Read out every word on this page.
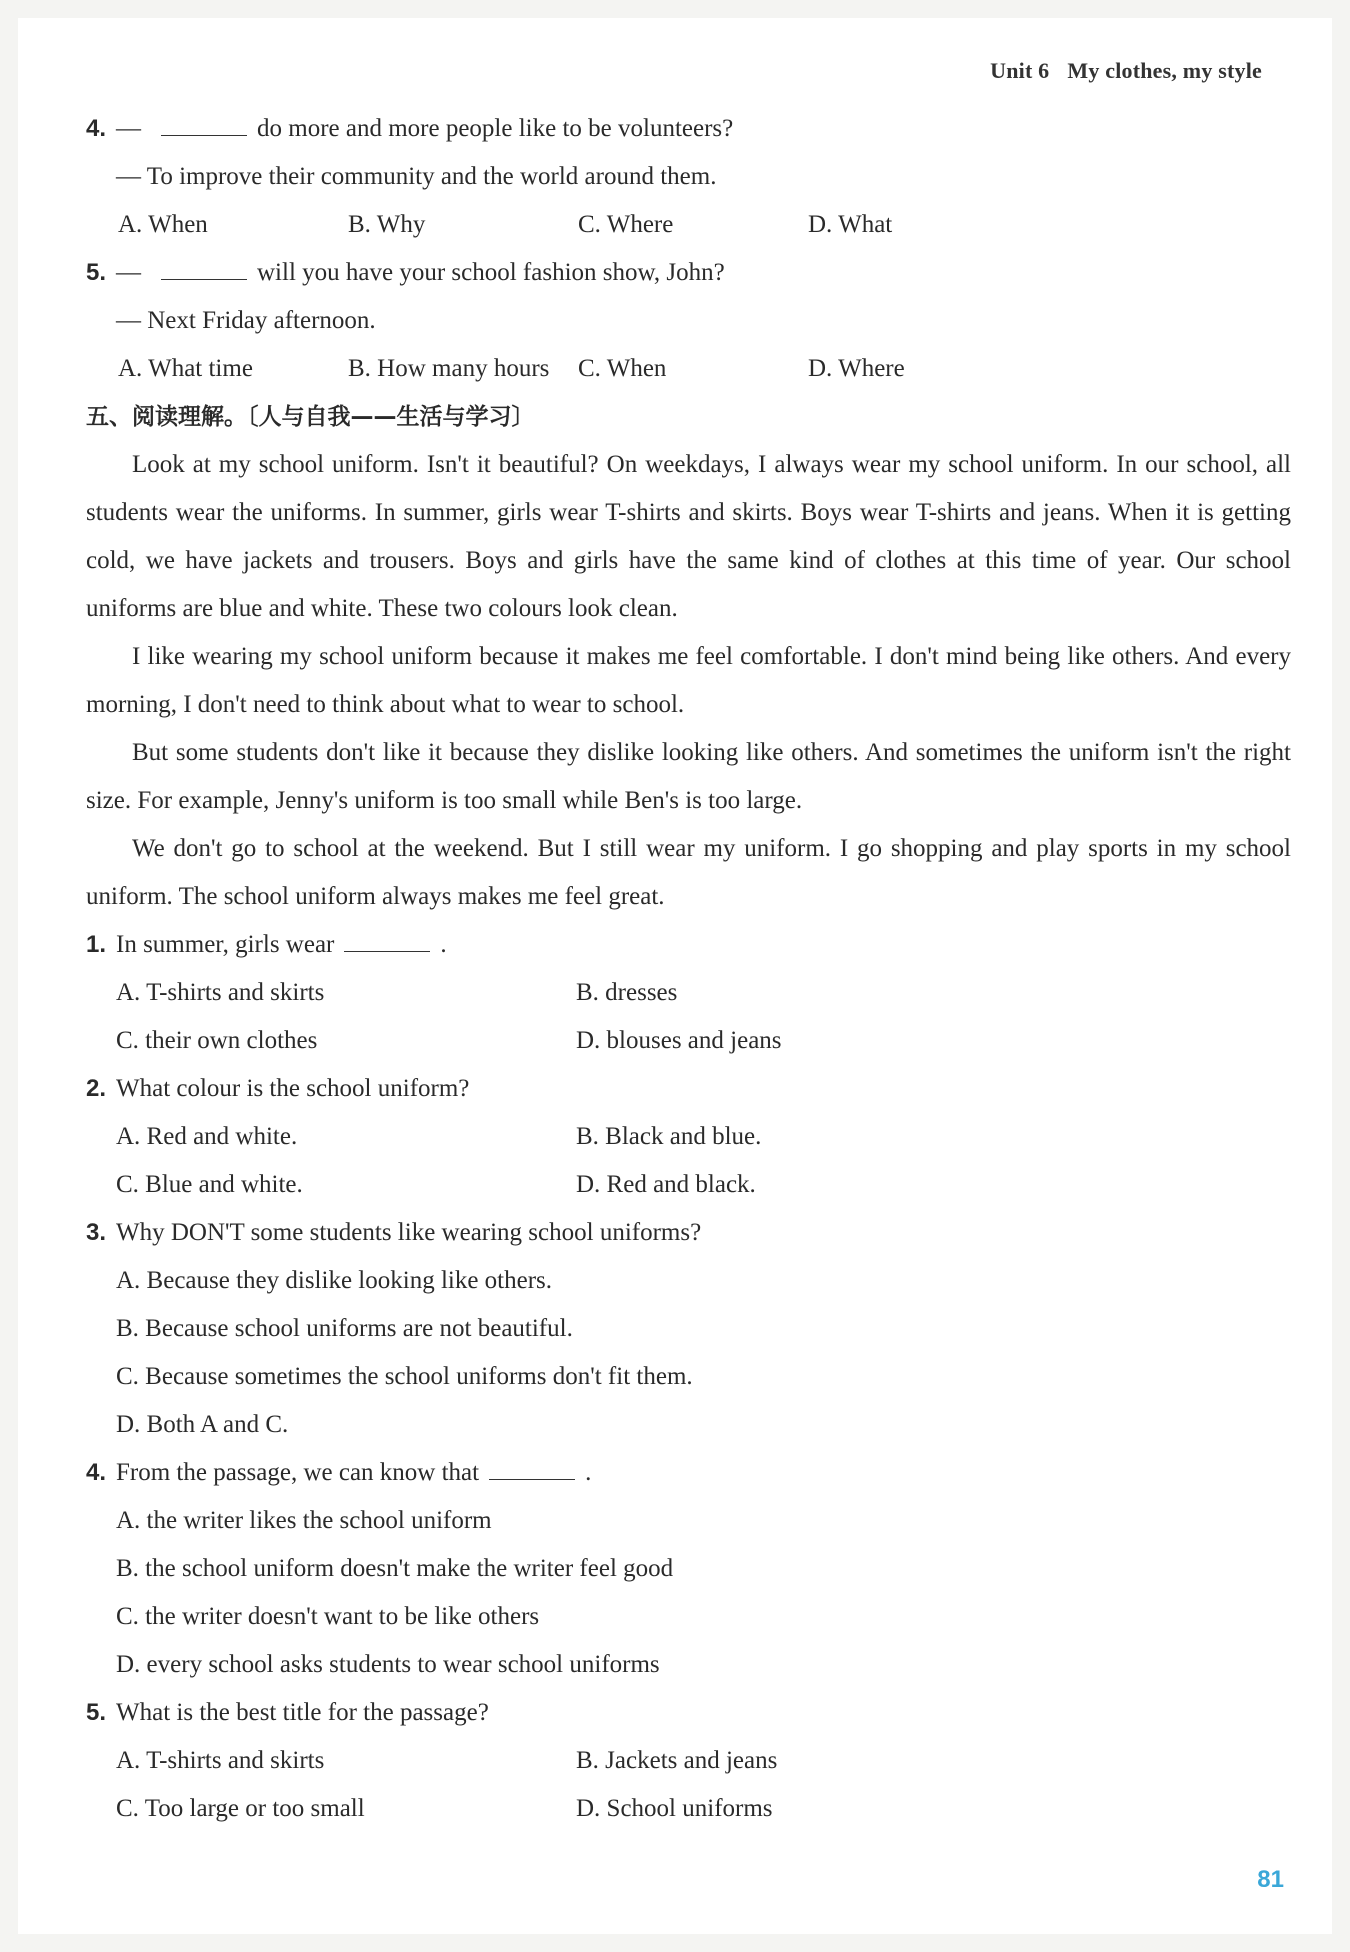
Unit 6 My clothes, my style
4. —	do more and more people like to be volunteers?
— To improve their community and the world around them.
A. When	B. Why	C. Where	D. What
5. —	will you have your school fashion show, John?
— Next Friday afternoon.
A. What time	B. How many hours	C. When	D. Where
五、阅读理解。〔人与自我——生活与学习〕

Look at my school uniform. Isn't it beautiful? On weekdays, I always wear my school uniform. In our school, all students wear the uniforms. In summer, girls wear T-shirts and skirts. Boys wear T-shirts and jeans. When it is getting cold, we have jackets and trousers. Boys and girls have the same kind of clothes at this time of year. Our school uniforms are blue and white. These two colours look clean.

I like wearing my school uniform because it makes me feel comfortable. I don't mind being like others. And every morning, I don't need to think about what to wear to school.

But some students don't like it because they dislike looking like others. And sometimes the uniform isn't the right size. For example, Jenny's uniform is too small while Ben's is too large.

We don't go to school at the weekend. But I still wear my uniform. I go shopping and play sports in my school uniform. The school uniform always makes me feel great.

1. In summer, girls wear	.
A. T-shirts and skirts	B. dresses
C. their own clothes	D. blouses and jeans
2. What colour is the school uniform?
A. Red and white.	B. Black and blue.
C. Blue and white.	D. Red and black.
3. Why DON'T some students like wearing school uniforms?
A. Because they dislike looking like others.
B. Because school uniforms are not beautiful.
C. Because sometimes the school uniforms don't fit them.
D. Both A and C.
4. From the passage, we can know that	.
A. the writer likes the school uniform
B. the school uniform doesn't make the writer feel good
C. the writer doesn't want to be like others
D. every school asks students to wear school uniforms
5. What is the best title for the passage?
A. T-shirts and skirts	B. Jackets and jeans
C. Too large or too small	D. School uniforms
81
